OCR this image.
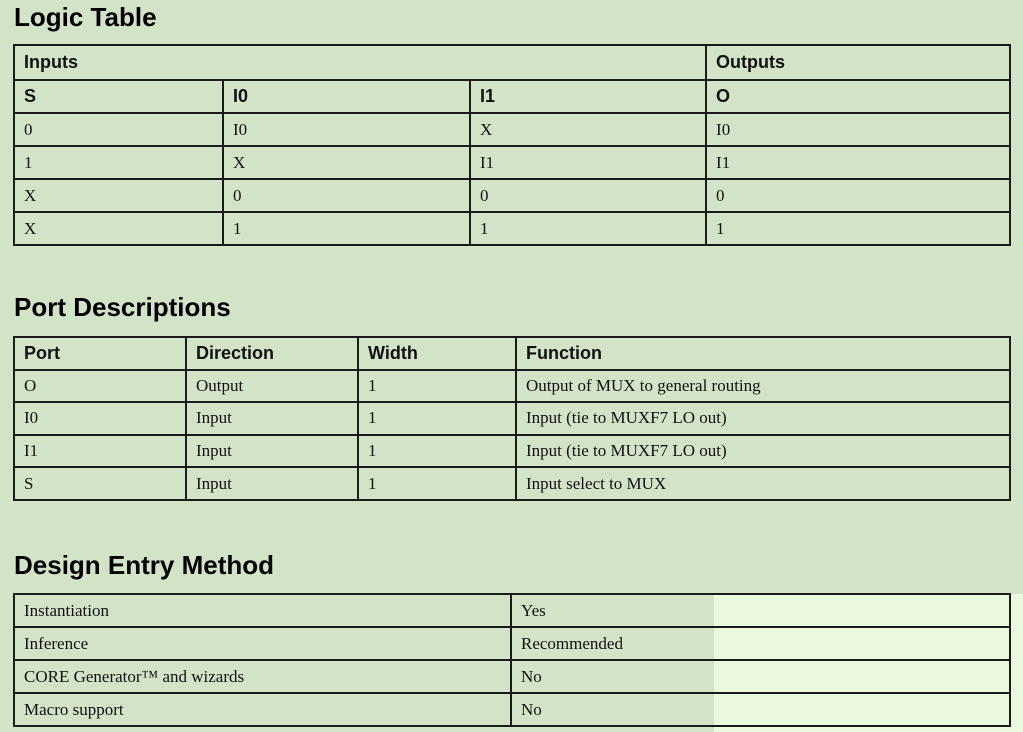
Logic Table
Inputs			Outputs
S	I0	I1	O
0	I0	X	I0
1	X	I1	I1
X	0	0	0
X	1	1	1
Port Descriptions
Port	Direction	Width	Function
O	Output	1	Output of MUX to general routing
I0	Input	1	Input (tie to MUXF7 LO out)
I1	Input	1	Input (tie to MUXF7 LO out)
S	Input	1	Input select to MUX
Design Entry Method
Instantiation	Yes
Inference	Recommended
CORE Generator™ and wizards	No
Macro support	No
